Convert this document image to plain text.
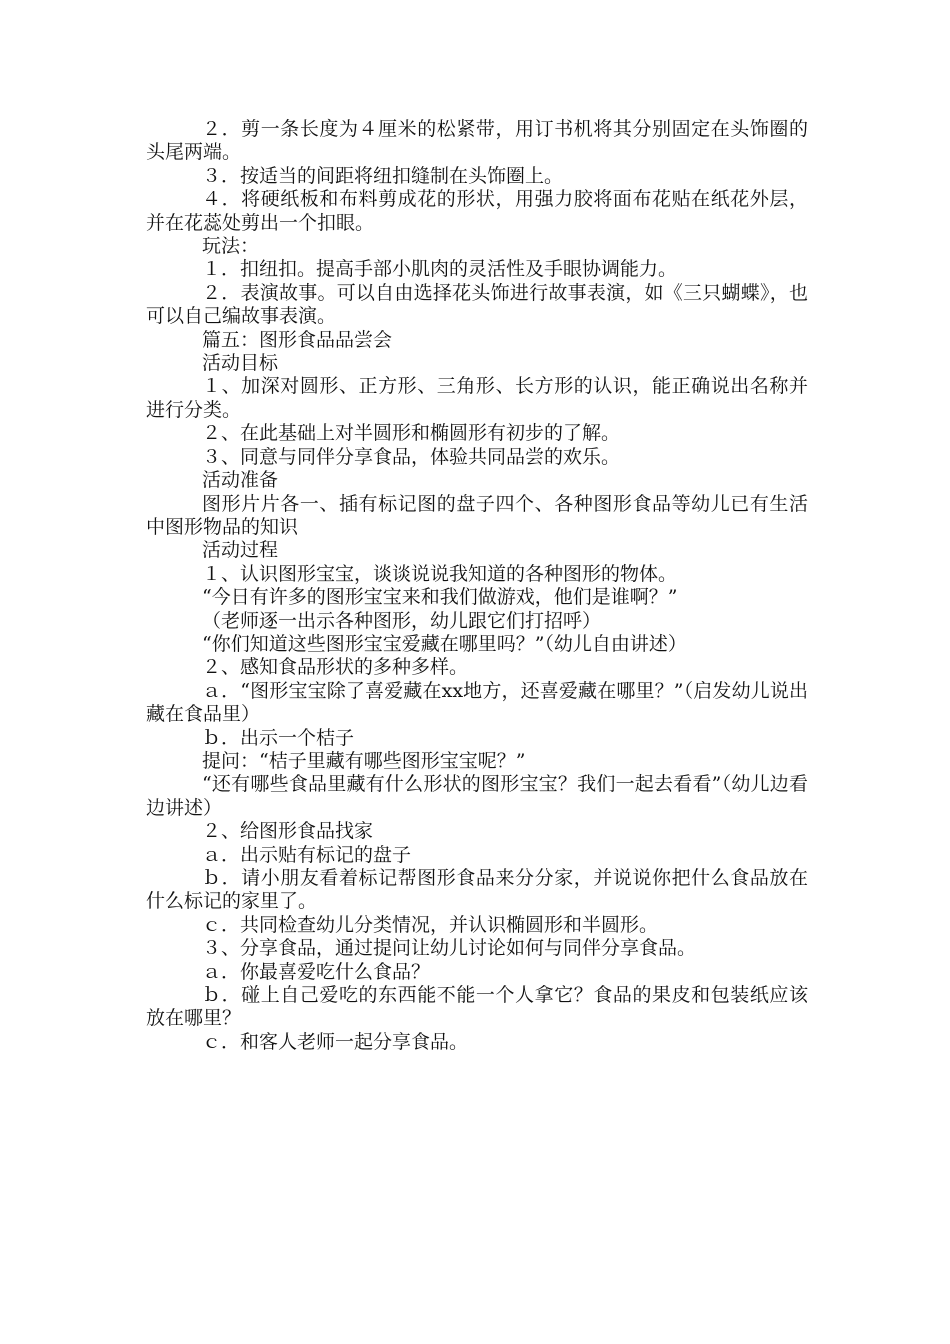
２．剪一条长度为４厘米的松紧带，用订书机将其分别固定在头饰圈的头尾两端。

３．按适当的间距将纽扣缝制在头饰圈上。

４．将硬纸板和布料剪成花的形状，用强力胶将面布花贴在纸花外层，并在花蕊处剪出一个扣眼。

玩法：

１．扣纽扣。提高手部小肌肉的灵活性及手眼协调能力。

２．表演故事。可以自由选择花头饰进行故事表演，如《三只蝴蝶》，也可以自己编故事表演。

篇五：图形食品品尝会

活动目标

１、加深对圆形、正方形、三角形、长方形的认识，能正确说出名称并进行分类。

２、在此基础上对半圆形和椭圆形有初步的了解。

３、同意与同伴分享食品，体验共同品尝的欢乐。

活动准备

图形片片各一、插有标记图的盘子四个、各种图形食品等幼儿已有生活中图形物品的知识

活动过程

１、认识图形宝宝，谈谈说说我知道的各种图形的物体。

“今日有许多的图形宝宝来和我们做游戏，他们是谁啊？”

（老师逐一出示各种图形，幼儿跟它们打招呼）

“你们知道这些图形宝宝爱藏在哪里吗？”（幼儿自由讲述）

２、感知食品形状的多种多样。

ａ．“图形宝宝除了喜爱藏在xx地方，还喜爱藏在哪里？”（启发幼儿说出藏在食品里）

ｂ．出示一个桔子

提问：“桔子里藏有哪些图形宝宝呢？”

“还有哪些食品里藏有什么形状的图形宝宝？我们一起去看看”（幼儿边看边讲述）

２、给图形食品找家

ａ．出示贴有标记的盘子

ｂ．请小朋友看着标记帮图形食品来分分家，并说说你把什么食品放在什么标记的家里了。

ｃ．共同检查幼儿分类情况，并认识椭圆形和半圆形。

３、分享食品，通过提问让幼儿讨论如何与同伴分享食品。

ａ．你最喜爱吃什么食品？

ｂ．碰上自己爱吃的东西能不能一个人拿它？食品的果皮和包装纸应该放在哪里？

ｃ．和客人老师一起分享食品。
